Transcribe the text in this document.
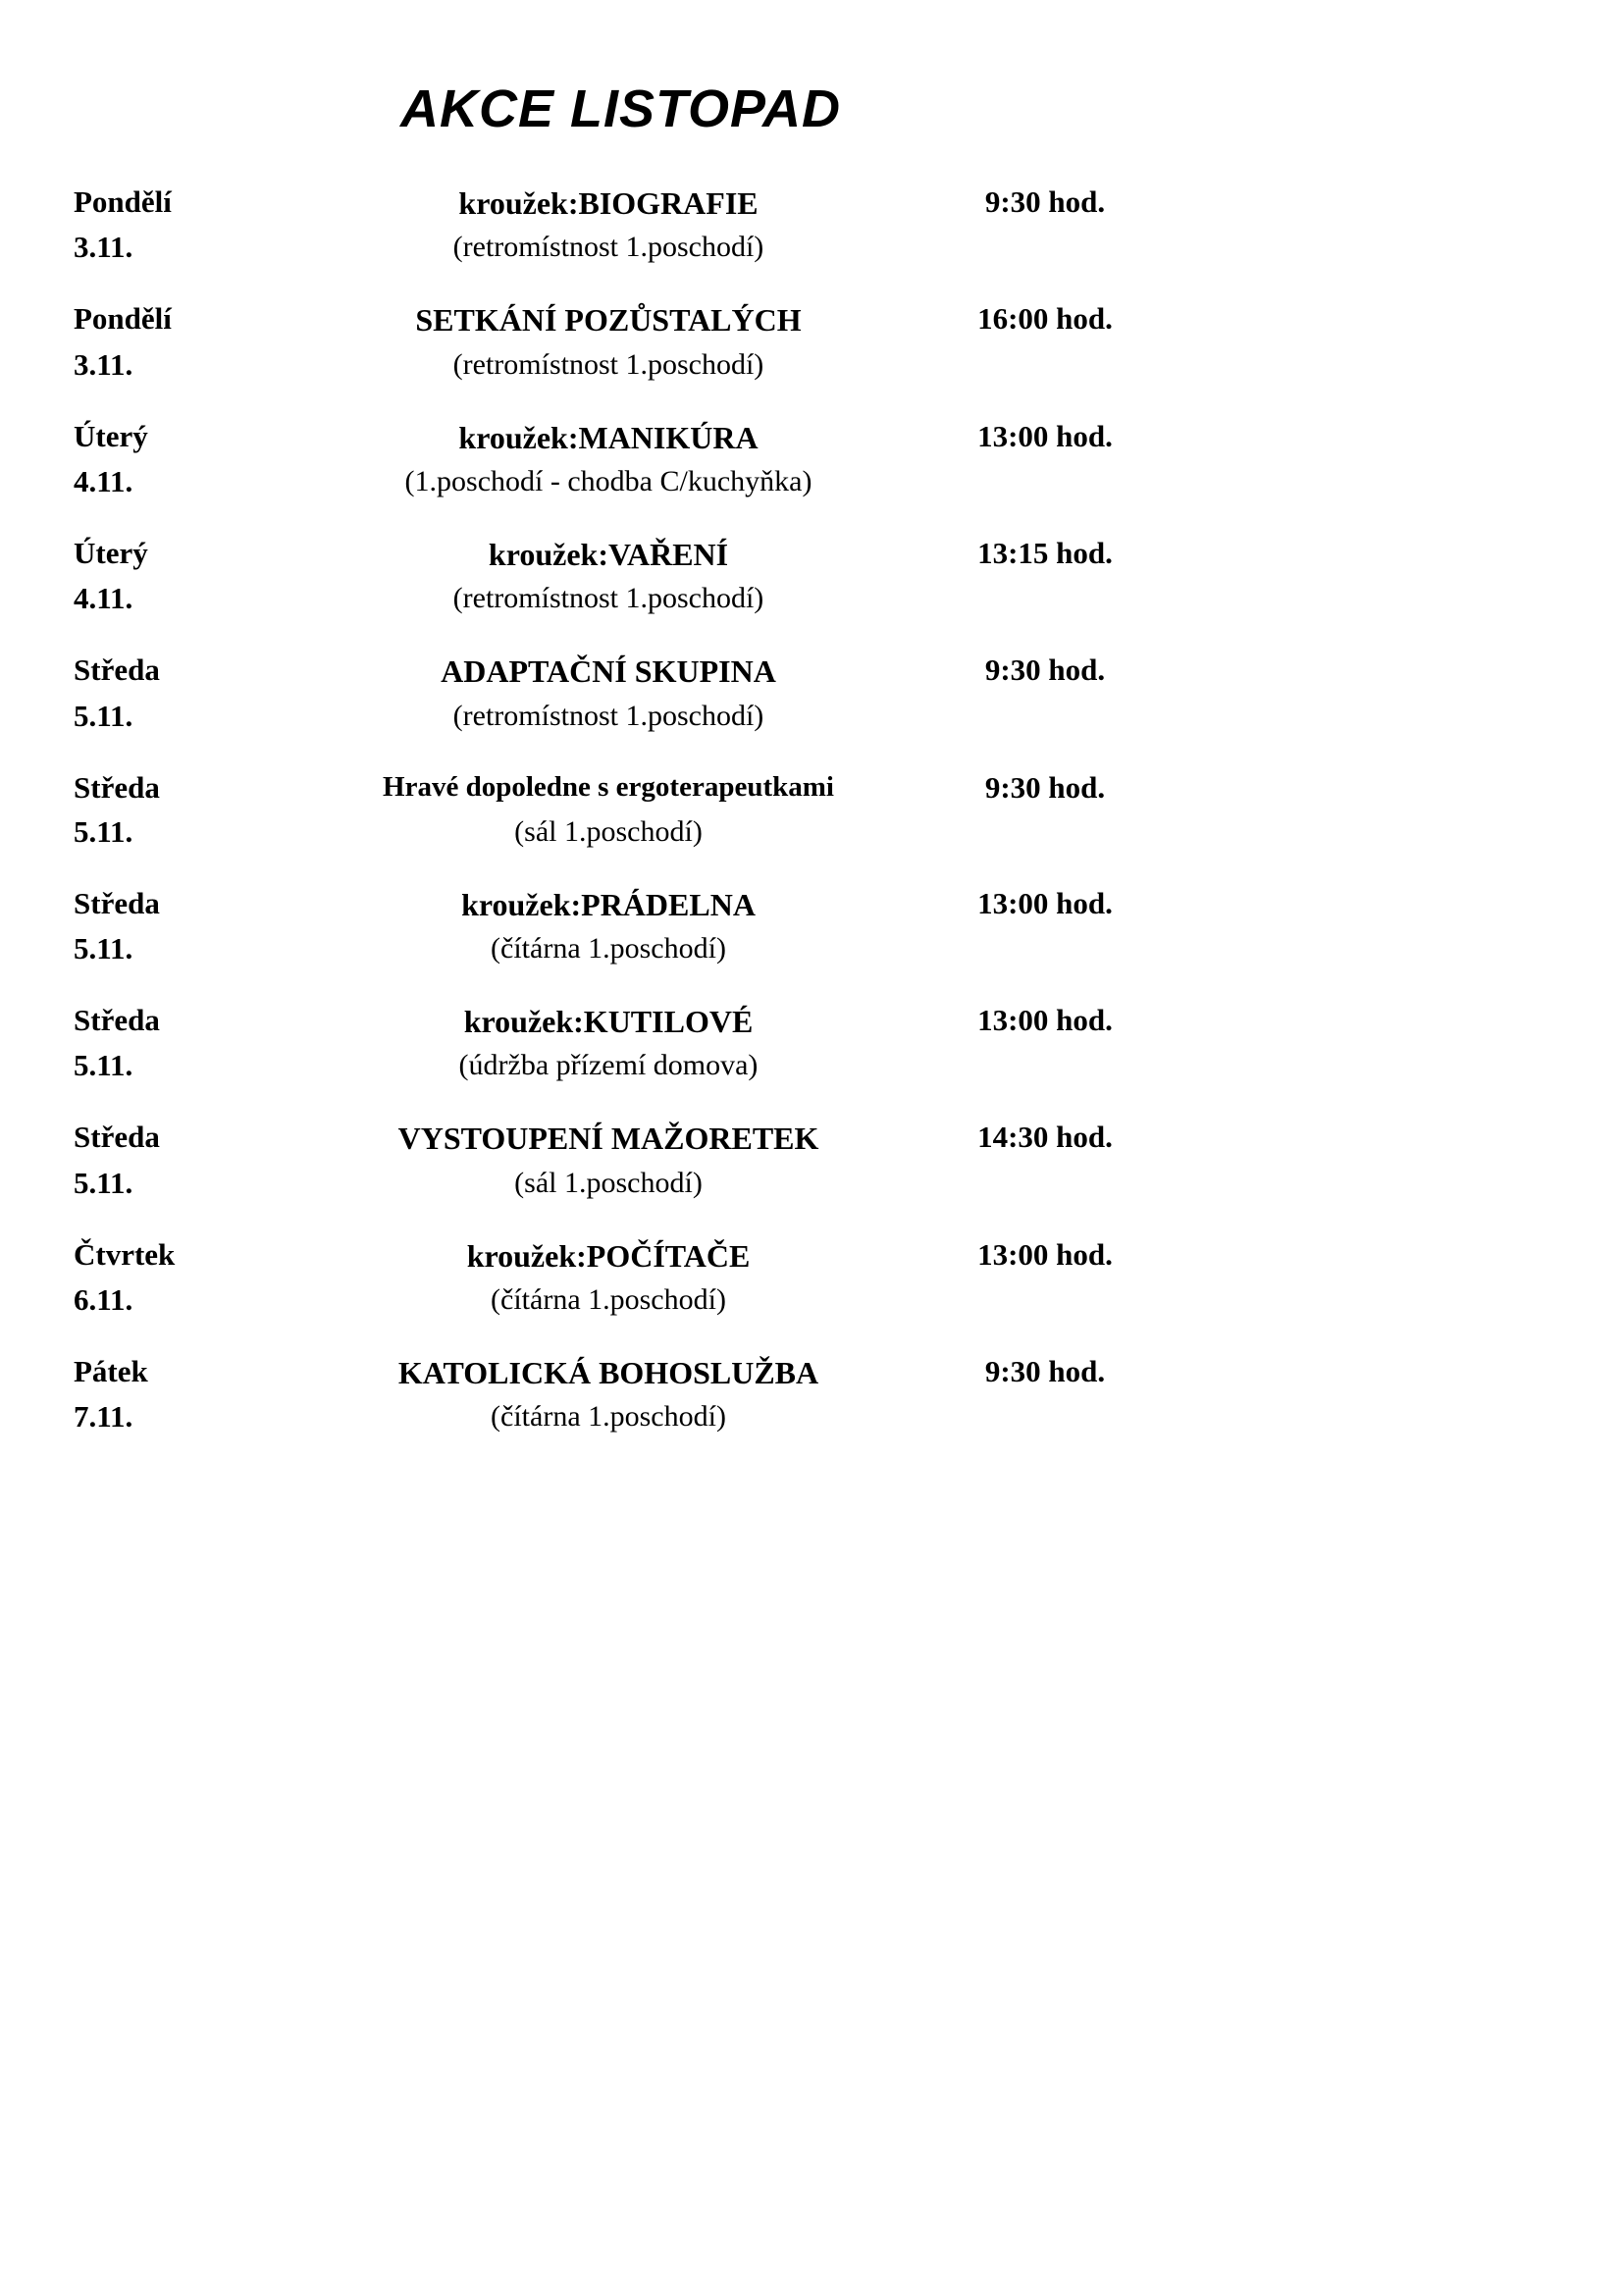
AKCE LISTOPAD
Pondělí
3.11.
kroužek:BIOGRAFIE
(retromístnost 1.poschodí)
9:30 hod.
Pondělí
3.11.
SETKÁNÍ POZŮSTALÝCH
(retromístnost 1.poschodí)
16:00 hod.
Úterý
4.11.
kroužek:MANIKÚRA
(1.poschodí - chodba C/kuchyňka)
13:00 hod.
Úterý
4.11.
kroužek:VAŘENÍ
(retromístnost 1.poschodí)
13:15 hod.
Středa
5.11.
ADAPTAČNÍ SKUPINA
(retromístnost 1.poschodí)
9:30 hod.
Středa
5.11.
Hravé dopoledne s ergoterapeutkami
(sál 1.poschodí)
9:30 hod.
Středa
5.11.
kroužek:PRÁDELNA
(čítárna 1.poschodí)
13:00 hod.
Středa
5.11.
kroužek:KUTILOVÉ
(údržba přízemí domova)
13:00 hod.
Středa
5.11.
VYSTOUPENÍ MAŽORETEK
(sál 1.poschodí)
14:30 hod.
Čtvrtek
6.11.
kroužek:POČÍTAČE
(čítárna 1.poschodí)
13:00 hod.
Pátek
7.11.
KATOLICKÁ BOHOSLUŽBA
(čítárna 1.poschodí)
9:30 hod.
